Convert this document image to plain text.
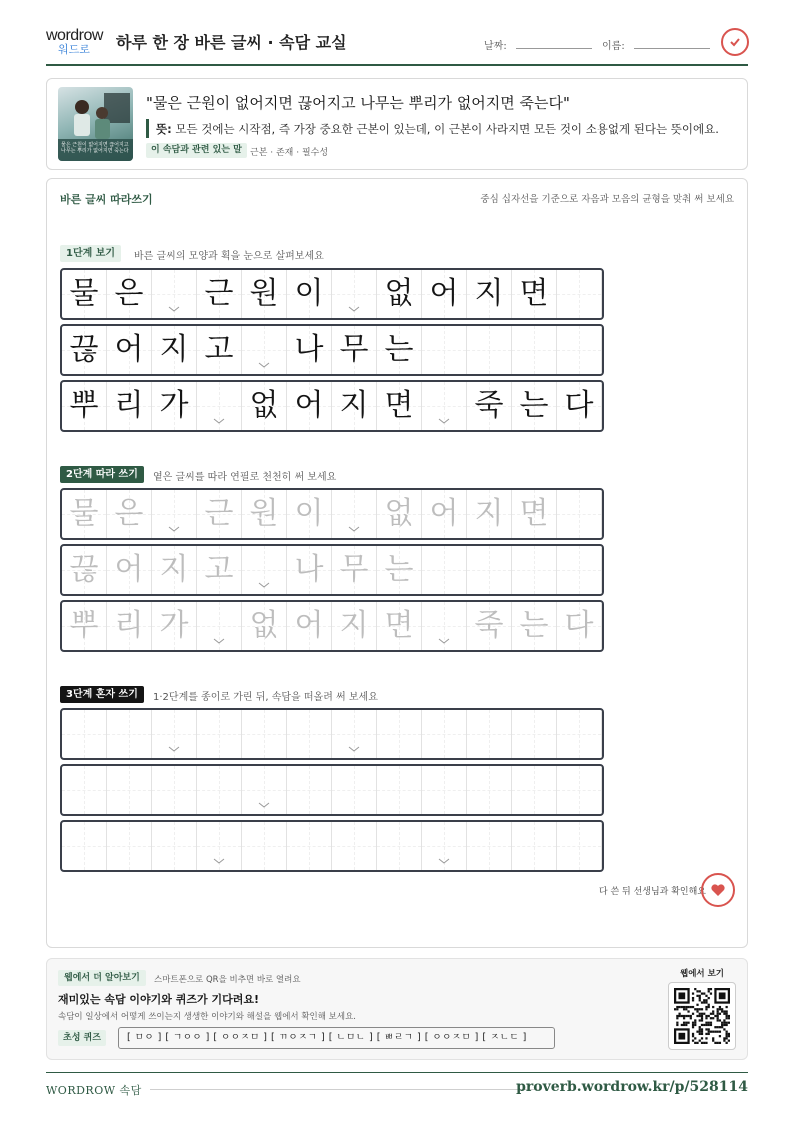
wordrow
워드로	하루 한 장 바른 글씨 · 속담 교실	날짜:	이름:
물은 근원이 없어지면 끊어지고 나무는 뿌리가 없어지면 죽는다
"물은 근원이 없어지면 끊어지고 나무는 뿌리가 없어지면 죽는다"
뜻: 모든 것에는 시작점, 즉 가장 중요한 근본이 있는데, 이 근본이 사라지면 모든 것이 소용없게 된다는 뜻이에요.
이 속담과 관련 있는 말 근본 · 존재 · 필수성
바른 글씨 따라쓰기	중심 십자선을 기준으로 자음과 모음의 균형을 맞춰 써 보세요
1단계 보기	바른 글씨의 모양과 획을 눈으로 살펴보세요
2단계 따라 쓰기	옅은 글씨를 따라 연필로 천천히 써 보세요
3단계 혼자 쓰기	1·2단계를 종이로 가린 뒤, 속담을 떠올려 써 보세요
물 은 근 원 이 없 어 지 면
끊 어 지 고 나 무 는
뿌 리 가 없 어 지 면 죽 는 다
물 은 근 원 이 없 어 지 면
끊 어 지 고 나 무 는
뿌 리 가 없 어 지 면 죽 는 다
다 쓴 뒤 선생님과 확인해요
웹에서 더 알아보기	스마트폰으로 QR을 비추면 바로 열려요
재미있는 속담 이야기와 퀴즈가 기다려요!
속담이 일상에서 어떻게 쓰이는지 생생한 이야기와 해설을 웹에서 확인해 보세요.
초성 퀴즈	[ ㅁㅇ ] [ ㄱㅇㅇ ] [ ㅇㅇㅈㅁ ] [ ㄲㅇㅈㄱ ] [ ㄴㅁㄴ ] [ ㅃㄹㄱ ] [ ㅇㅇㅈㅁ ] [ ㅈㄴㄷ ]
웹에서 보기
WORDROW 속담	proverb.wordrow.kr/p/528114
